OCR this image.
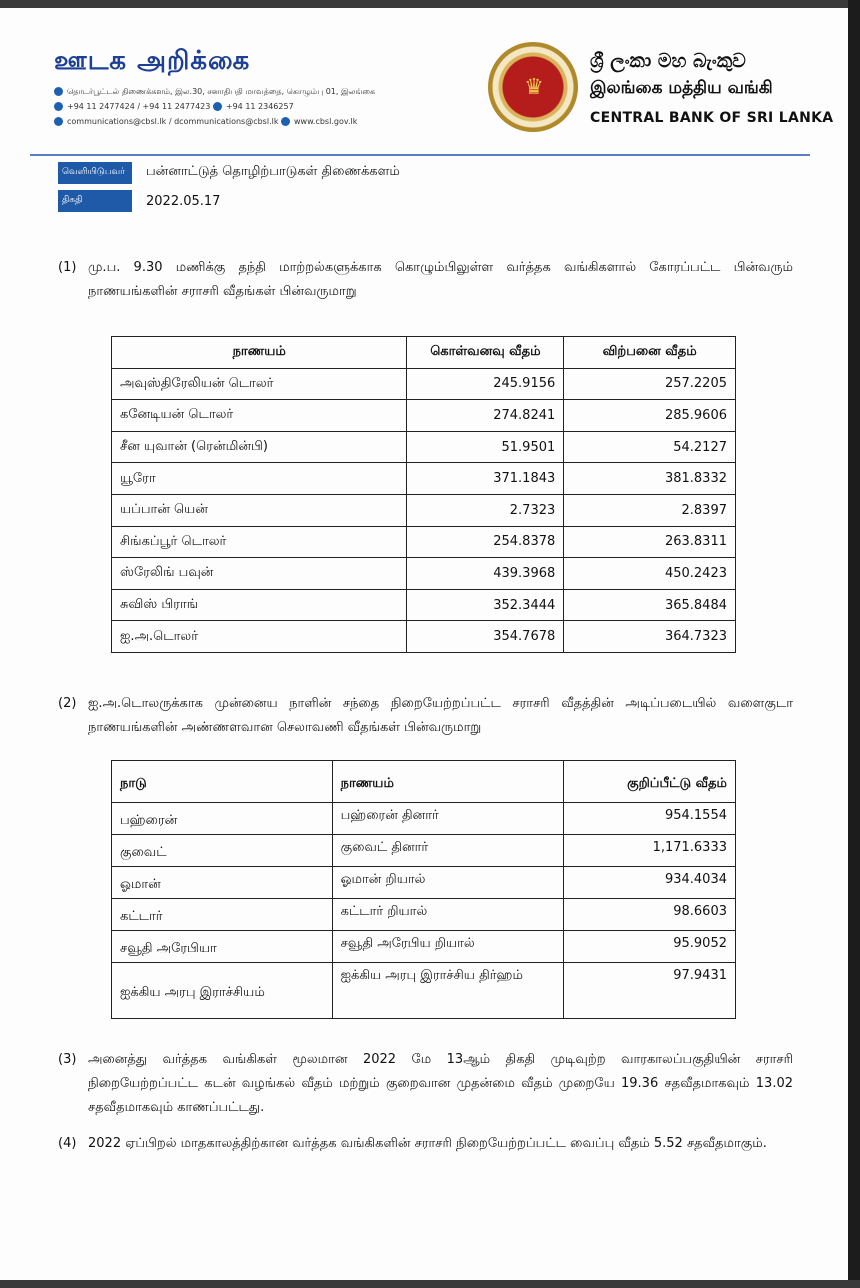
ஊடக அறிக்கை
தொடர்பூட்டல் திணைக்களம், இல.30, சனாதிபதி மாவத்தை, கொழும்பு 01, இலங்கை
+94 11 2477424 / +94 11 2477423 +94 11 2346257
communications@cbsl.lk / dcommunications@cbsl.lk www.cbsl.gov.lk
♛
ශ්‍රී ලංකා මහ බැංකුව
இலங்கை மத்திய வங்கி
CENTRAL BANK OF SRI LANKA
வெளியிடுபவர்	பன்னாட்டுத் தொழிற்பாடுகள் திணைக்களம்
திகதி	2022.05.17
(1) மு.ப. 9.30 மணிக்கு தந்தி மாற்றல்களுக்காக கொழும்பிலுள்ள வர்த்தக வங்கிகளால் கோரப்பட்ட பின்வரும் நாணயங்களின் சராசரி வீதங்கள் பின்வருமாறு
நாணயம்	கொள்வனவு வீதம்	விற்பனை வீதம்
அவுஸ்திரேலியன் டொலர்	245.9156	257.2205
கனேடியன் டொலர்	274.8241	285.9606
சீன யுவான் (ரென்மின்பி)	51.9501	54.2127
யூரோ	371.1843	381.8332
யப்பான் யென்	2.7323	2.8397
சிங்கப்பூர் டொலர்	254.8378	263.8311
ஸ்ரேலிங் பவுன்	439.3968	450.2423
சுவிஸ் பிராங்	352.3444	365.8484
ஐ.அ.டொலர்	354.7678	364.7323
(2) ஐ.அ.டொலருக்காக முன்னைய நாளின் சந்தை நிறையேற்றப்பட்ட சராசரி வீதத்தின் அடிப்படையில் வளைகுடா நாணயங்களின் அண்ணளவான செலாவணி வீதங்கள் பின்வருமாறு
நாடு	நாணயம்	குறிப்பீட்டு வீதம்
பஹ்ரைன்	பஹ்ரைன் தினார்	954.1554
குவைட்	குவைட் தினார்	1,171.6333
ஓமான்	ஓமான் றியால்	934.4034
கட்டார்	கட்டார் றியால்	98.6603
சவூதி அரேபியா	சவூதி அரேபிய றியால்	95.9052
ஐக்கிய அரபு இராச்சியம்	ஐக்கிய அரபு இராச்சிய திர்ஹம்	97.9431
(3) அனைத்து வர்த்தக வங்கிகள் மூலமான 2022 மே 13ஆம் திகதி முடிவுற்ற வாரகாலப்பகுதியின் சராசரி நிறையேற்றப்பட்ட கடன் வழங்கல் வீதம் மற்றும் குறைவான முதன்மை வீதம் முறையே 19.36 சதவீதமாகவும் 13.02 சதவீதமாகவும் காணப்பட்டது.
(4) 2022 ஏப்பிறல் மாதகாலத்திற்கான வர்த்தக வங்கிகளின் சராசரி நிறையேற்றப்பட்ட வைப்பு வீதம் 5.52 சதவீதமாகும்.
